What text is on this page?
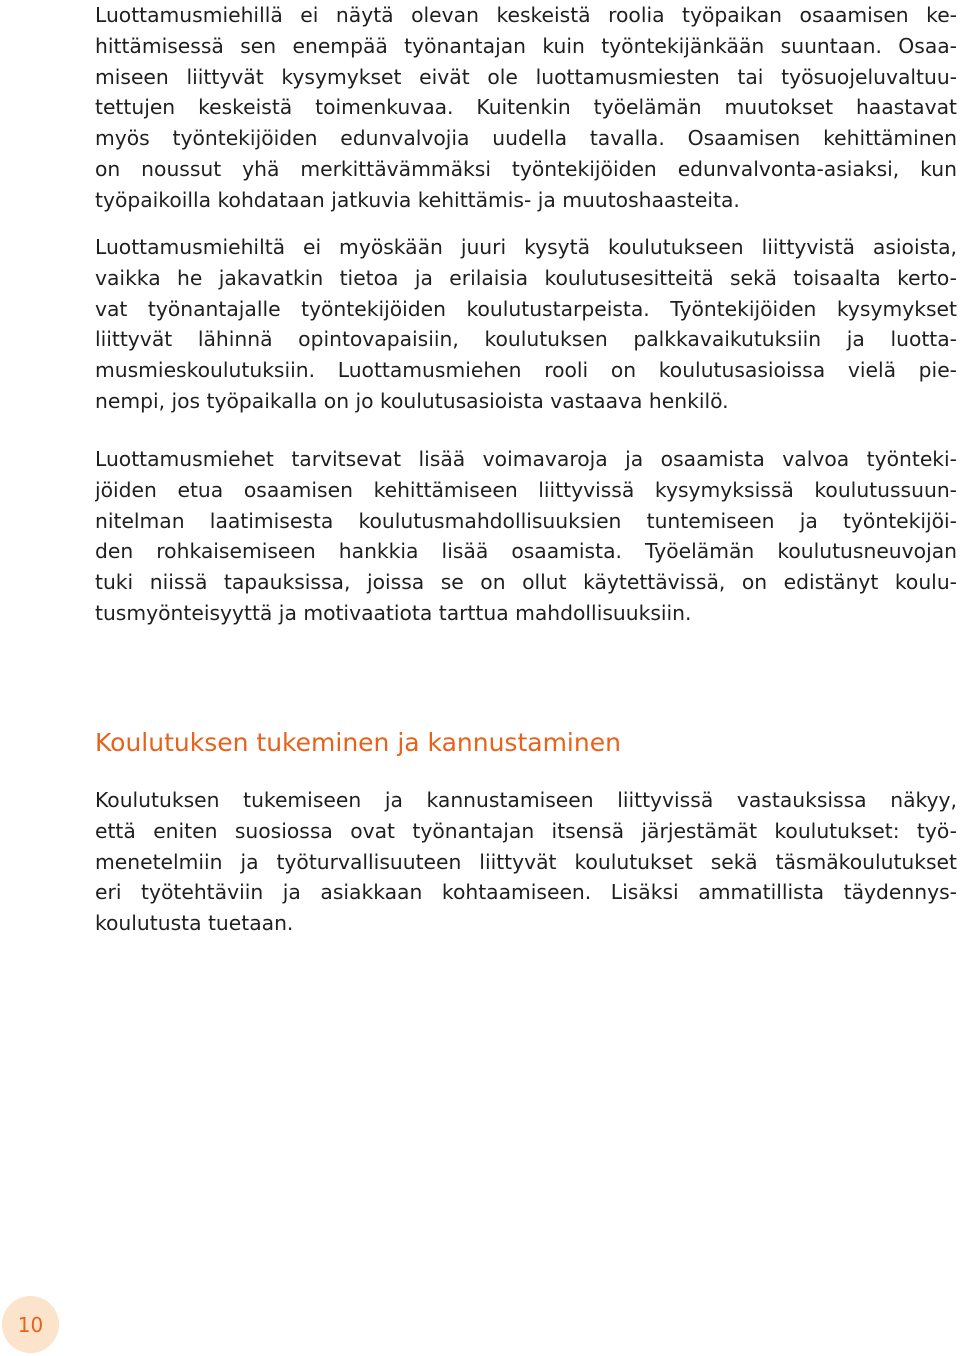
Luottamusmiehillä ei näytä olevan keskeistä roolia työpaikan osaamisen ke-
hittämisessä sen enempää työnantajan kuin työntekijänkään suuntaan. Osaa-
miseen liittyvät kysymykset eivät ole luottamusmiesten tai työsuojeluvaltuu-
tettujen keskeistä toimenkuvaa. Kuitenkin työelämän muutokset haastavat
myös työntekijöiden edunvalvojia uudella tavalla. Osaamisen kehittäminen
on noussut yhä merkittävämmäksi työntekijöiden edunvalvonta-asiaksi, kun
työpaikoilla kohdataan jatkuvia kehittämis- ja muutoshaasteita.
Luottamusmiehiltä ei myöskään juuri kysytä koulutukseen liittyvistä asioista,
vaikka he jakavatkin tietoa ja erilaisia koulutusesitteitä sekä toisaalta kerto-
vat työnantajalle työntekijöiden koulutustarpeista. Työntekijöiden kysymykset
liittyvät lähinnä opintovapaisiin, koulutuksen palkkavaikutuksiin ja luotta-
musmieskoulutuksiin. Luottamusmiehen rooli on koulutusasioissa vielä pie-
nempi, jos työpaikalla on jo koulutusasioista vastaava henkilö.
Luottamusmiehet tarvitsevat lisää voimavaroja ja osaamista valvoa työnteki-
jöiden etua osaamisen kehittämiseen liittyvissä kysymyksissä koulutussuun-
nitelman laatimisesta koulutusmahdollisuuksien tuntemiseen ja työntekijöi-
den rohkaisemiseen hankkia lisää osaamista. Työelämän koulutusneuvojan
tuki niissä tapauksissa, joissa se on ollut käytettävissä, on edistänyt koulu-
tusmyönteisyyttä ja motivaatiota tarttua mahdollisuuksiin.
Koulutuksen tukeminen ja kannustaminen
Koulutuksen tukemiseen ja kannustamiseen liittyvissä vastauksissa näkyy,
että eniten suosiossa ovat työnantajan itsensä järjestämät koulutukset: työ-
menetelmiin ja työturvallisuuteen liittyvät koulutukset sekä täsmäkoulutukset
eri työtehtäviin ja asiakkaan kohtaamiseen. Lisäksi ammatillista täydennys-
koulutusta tuetaan.
10
